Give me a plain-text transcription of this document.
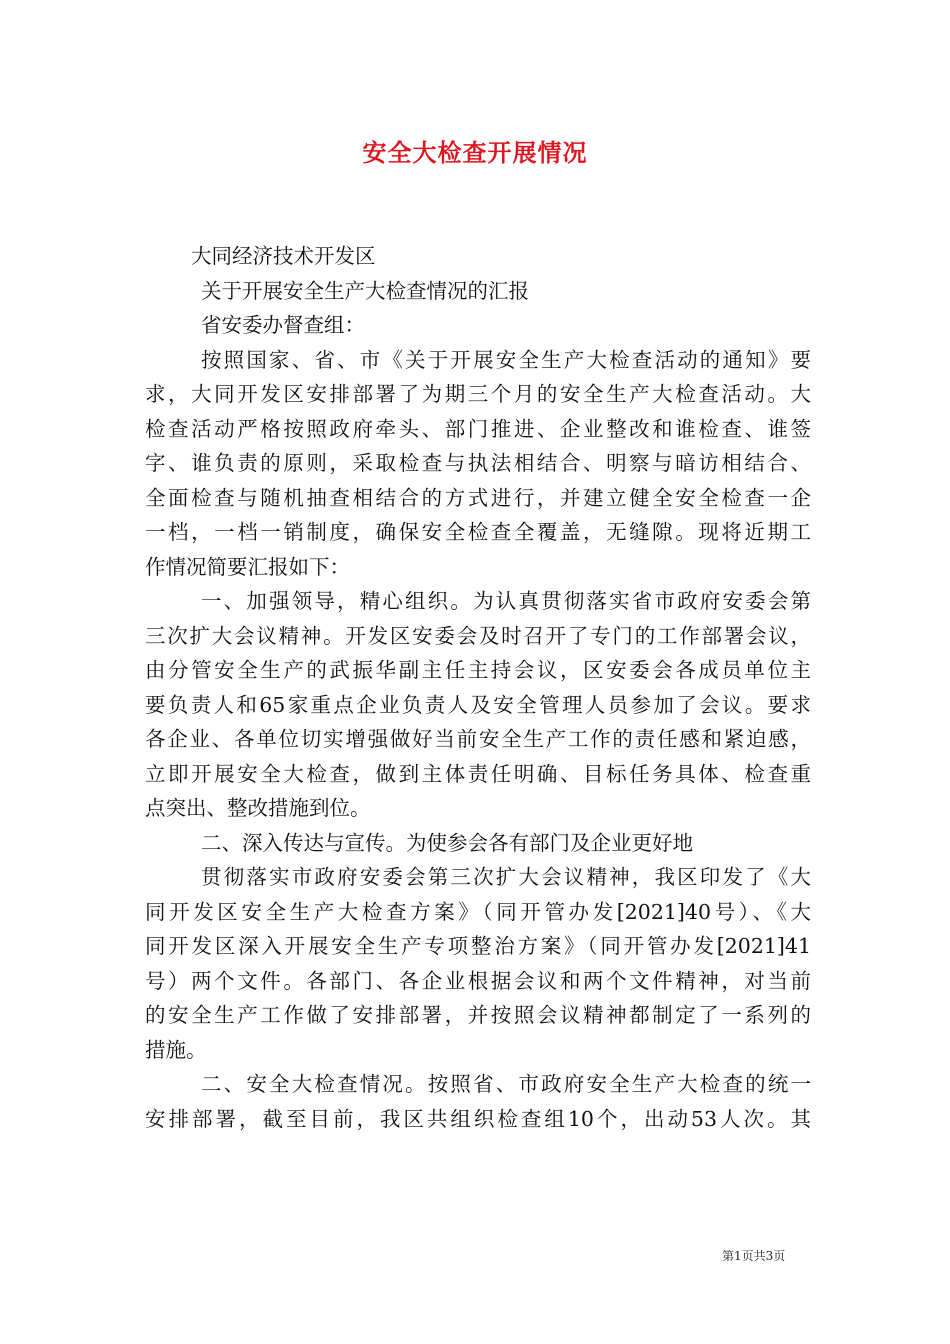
安全大检查开展情况

大同经济技术开发区

关于开展安全生产大检查情况的汇报

省安委办督查组：

按照国家、省、市《关于开展安全生产大检查活动的通知》要

求，大同开发区安排部署了为期三个月的安全生产大检查活动。大

检查活动严格按照政府牵头、部门推进、企业整改和谁检查、谁签

字、谁负责的原则，采取检查与执法相结合、明察与暗访相结合、

全面检查与随机抽查相结合的方式进行，并建立健全安全检查一企

一档，一档一销制度，确保安全检查全覆盖，无缝隙。现将近期工

作情况简要汇报如下：

一、加强领导，精心组织。为认真贯彻落实省市政府安委会第

三次扩大会议精神。开发区安委会及时召开了专门的工作部署会议，

由分管安全生产的武振华副主任主持会议，区安委会各成员单位主

要负责人和65家重点企业负责人及安全管理人员参加了会议。要求

各企业、各单位切实增强做好当前安全生产工作的责任感和紧迫感，

立即开展安全大检查，做到主体责任明确、目标任务具体、检查重

点突出、整改措施到位。

二、深入传达与宣传。为使参会各有部门及企业更好地

贯彻落实市政府安委会第三次扩大会议精神，我区印发了《大

同开发区安全生产大检查方案》（同开管办发[2021]40号）、《大

同开发区深入开展安全生产专项整治方案》（同开管办发[2021]41

号）两个文件。各部门、各企业根据会议和两个文件精神，对当前

的安全生产工作做了安排部署，并按照会议精神都制定了一系列的

措施。

二、安全大检查情况。按照省、市政府安全生产大检查的统一

安排部署，截至目前，我区共组织检查组10个，出动53人次。其

第1页共3页
